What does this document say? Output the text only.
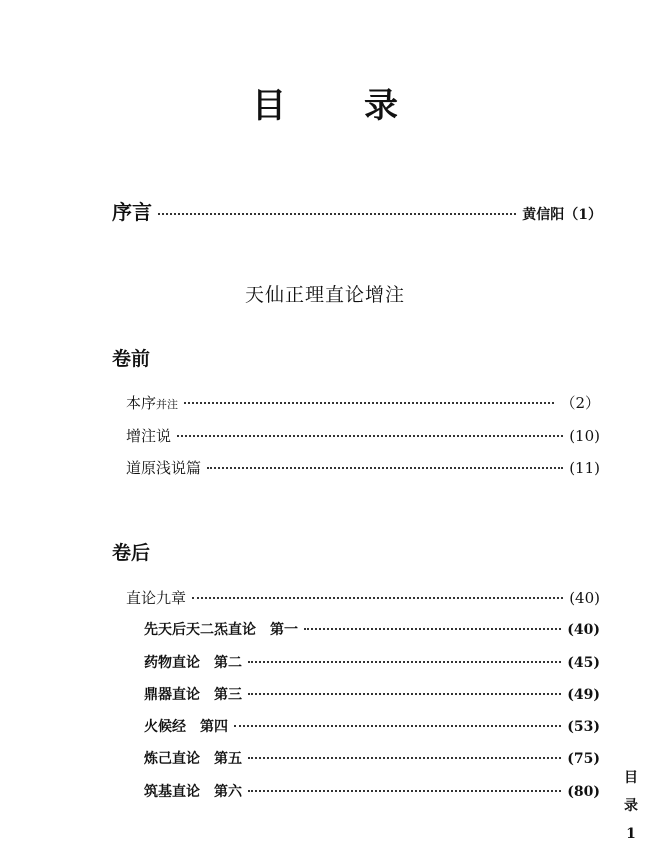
目　录
序言	黄信阳 （1）
天仙正理直论增注
卷前
本序并注	（2）
增注说	(10)
道原浅说篇	(11)
卷后
直论九章	(40)
先天后天二炁直论　第一	(40)
药物直论　第二	(45)
鼎器直论　第三	(49)
火候经　第四	(53)
炼己直论　第五	(75)
筑基直论　第六	(80)
目
录
1
